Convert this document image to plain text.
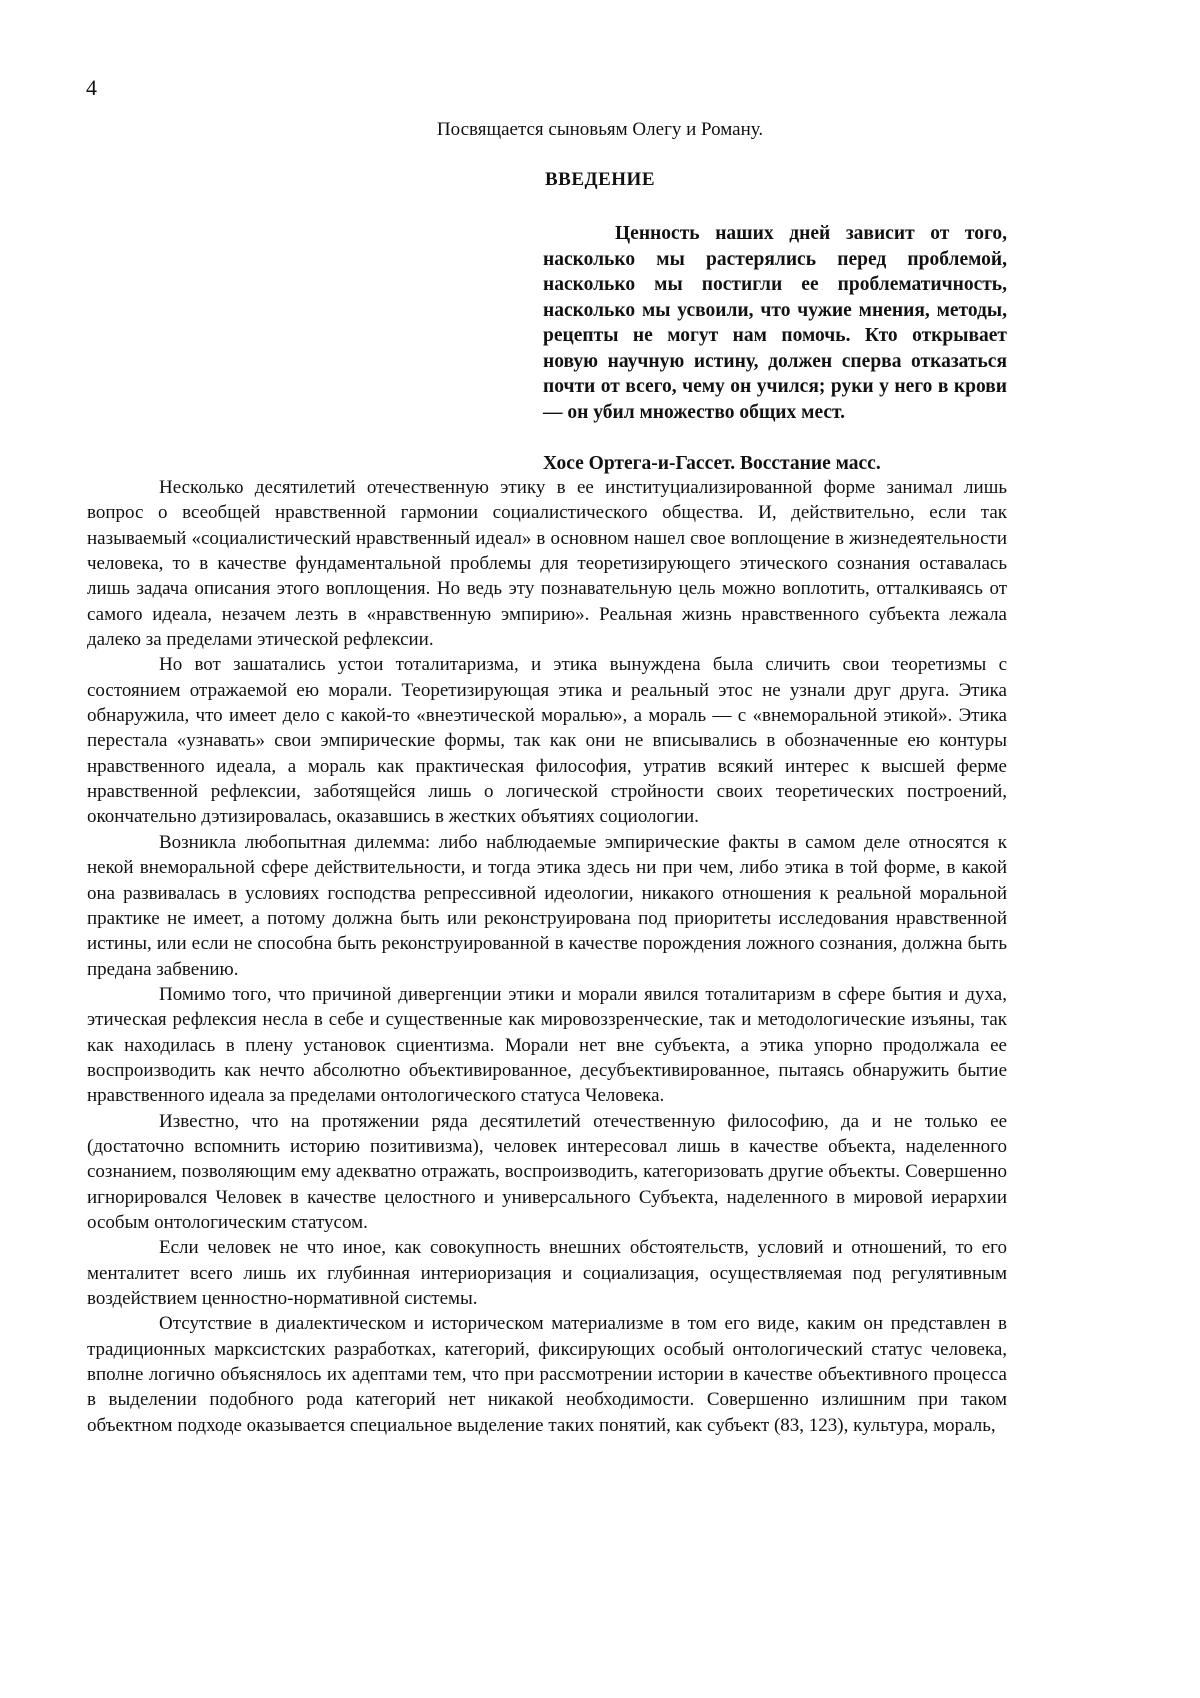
4
Посвящается сыновьям Олегу и Роману.
ВВЕДЕНИЕ
Ценность наших дней зависит от того, насколько мы растерялись перед проблемой, насколько мы постигли ее проблематичность, насколько мы усвоили, что чужие мнения, методы, рецепты не могут нам помочь. Кто открывает новую научную истину, должен сперва отказаться почти от всего, чему он учился; руки у него в крови — он убил множество общих мест.
Хосе Ортега-и-Гассет. Восстание масс.

Несколько десятилетий отечественную этику в ее институциализированной форме занимал лишь вопрос о всеобщей нравственной гармонии социалистического общества. И, действительно, если так называемый «социалистический нравственный идеал» в основном нашел свое воплощение в жизнедеятельности человека, то в качестве фундаментальной проблемы для теоретизирующего этического сознания оставалась лишь задача описания этого воплощения. Но ведь эту познавательную цель можно воплотить, отталкиваясь от самого идеала, незачем лезть в «нравственную эмпирию». Реальная жизнь нравственного субъекта лежала далеко за пределами этической рефлексии.

Но вот зашатались устои тоталитаризма, и этика вынуждена была сличить свои теоретизмы с состоянием отражаемой ею морали. Теоретизирующая этика и реальный этос не узнали друг друга. Этика обнаружила, что имеет дело с какой-то «внеэтической моралью», а мораль — с «внеморальной этикой». Этика перестала «узнавать» свои эмпирические формы, так как они не вписывались в обозначенные ею контуры нравственного идеала, а мораль как практическая философия, утратив всякий интерес к высшей ферме нравственной рефлексии, заботящейся лишь о логической стройности своих теоретических построений, окончательно дэтизировалась, оказавшись в жестких объятиях социологии.

Возникла любопытная дилемма: либо наблюдаемые эмпирические факты в самом деле относятся к некой внеморальной сфере действительности, и тогда этика здесь ни при чем, либо этика в той форме, в какой она развивалась в условиях господства репрессивной идеологии, никакого отношения к реальной моральной практике не имеет, а потому должна быть или реконструирована под приоритеты исследования нравственной истины, или если не способна быть реконструированной в качестве порождения ложного сознания, должна быть предана забвению.

Помимо того, что причиной дивергенции этики и морали явился тоталитаризм в сфере бытия и духа, этическая рефлексия несла в себе и существенные как мировоззренческие, так и методологические изъяны, так как находилась в плену установок сциентизма. Морали нет вне субъекта, а этика упорно продолжала ее воспроизводить как нечто абсолютно объективированное, десубъективированное, пытаясь обнаружить бытие нравственного идеала за пределами онтологического статуса Человека.

Известно, что на протяжении ряда десятилетий отечественную философию, да и не только ее (достаточно вспомнить историю позитивизма), человек интересовал лишь в качестве объекта, наделенного сознанием, позволяющим ему адекватно отражать, воспроизводить, категоризовать другие объекты. Совершенно игнорировался Человек в качестве целостного и универсального Субъекта, наделенного в мировой иерархии особым онтологическим статусом.

Если человек не что иное, как совокупность внешних обстоятельств, условий и отношений, то его менталитет всего лишь их глубинная интериоризация и социализация, осуществляемая под регулятивным воздействием ценностно-нормативной системы.

Отсутствие в диалектическом и историческом материализме в том его виде, каким он представлен в традиционных марксистских разработках, категорий, фиксирующих особый онтологический статус человека, вполне логично объяснялось их адептами тем, что при рассмотрении истории в качестве объективного процесса в выделении подобного рода категорий нет никакой необходимости. Совершенно излишним при таком объектном подходе оказывается специальное выделение таких понятий, как субъект (83, 123), культура, мораль,
